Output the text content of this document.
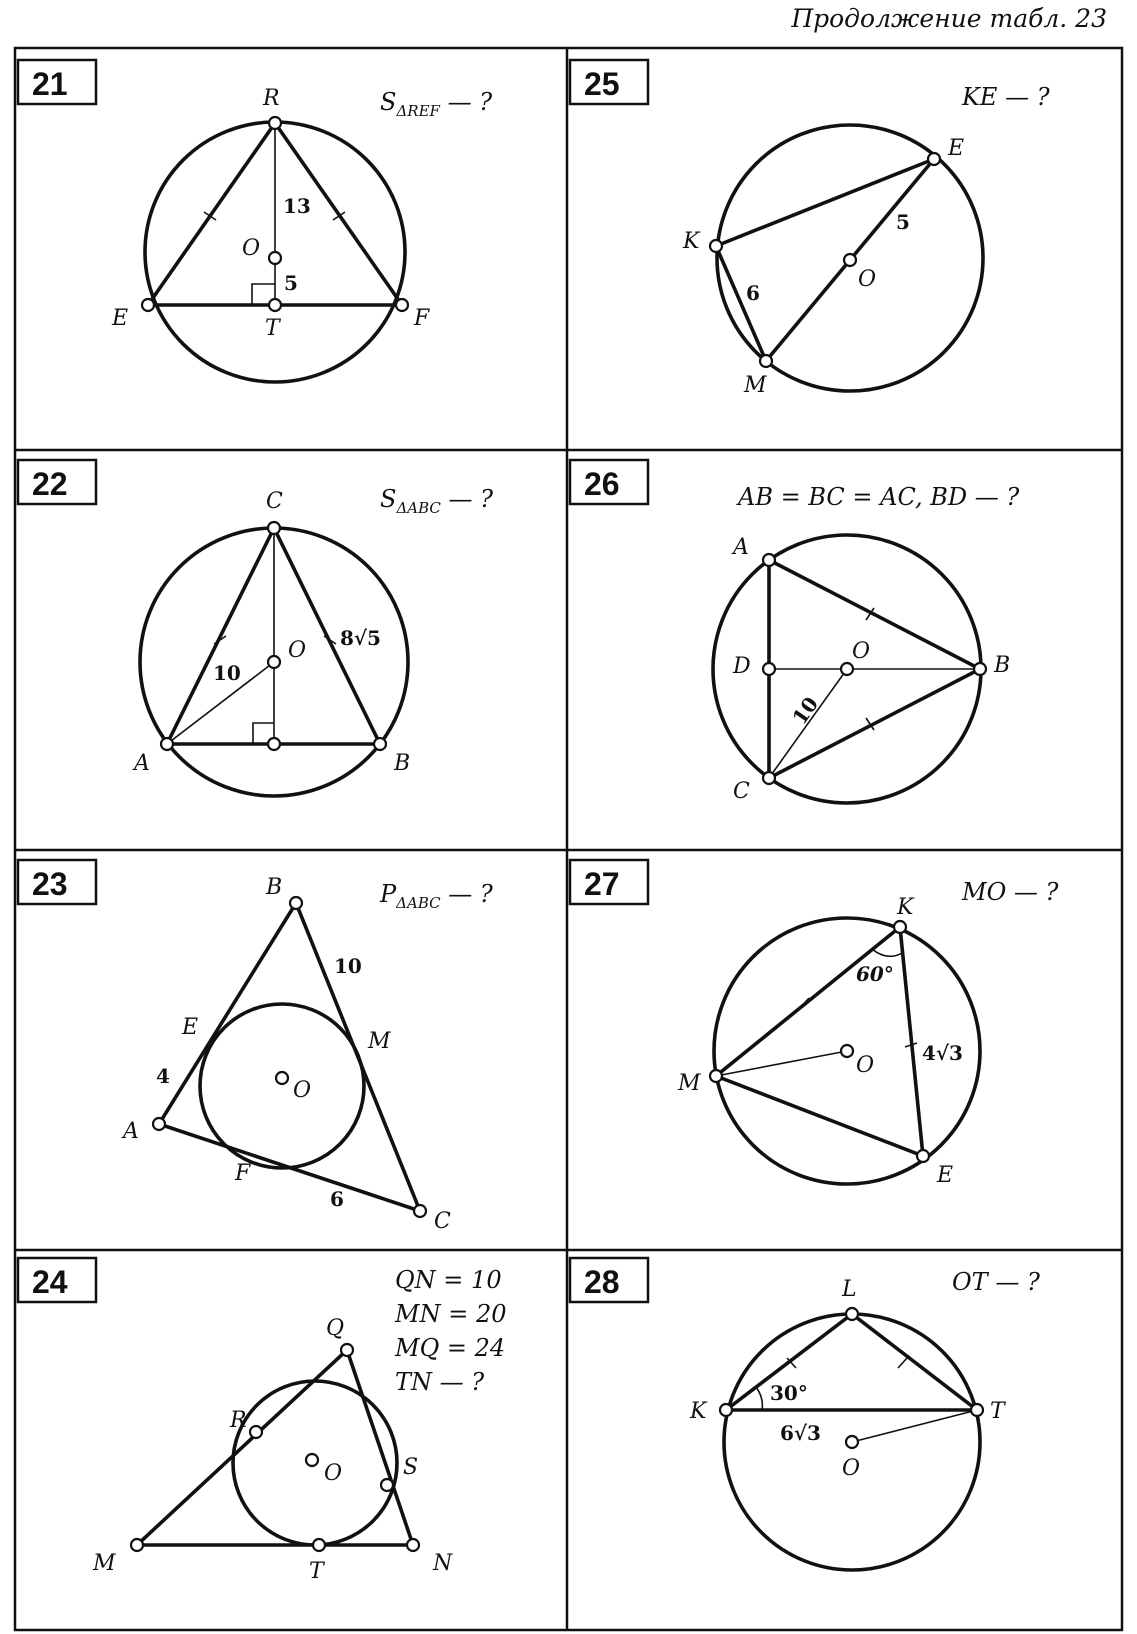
Продолжение табл. 23
21	SΔREF — ?
R
O
E	T	F
13
5
25	KE — ?
E
K
O
M
5
6
22	SΔABC — ?
C
O
A	B
10
8√5
26	AB = BC = AC, BD — ?
A
D
O
B
C
10
23	PΔABC — ?
B
E
M
A
O
F
C
10
4
6
27	MO — ?
K
M
O
E
60°
4√3
24	QN = 10
MN = 20
MQ = 24
TN — ?
Q
R
S
O
M	T	N
28	OT — ?
L
K	T
O
30°
6√3
